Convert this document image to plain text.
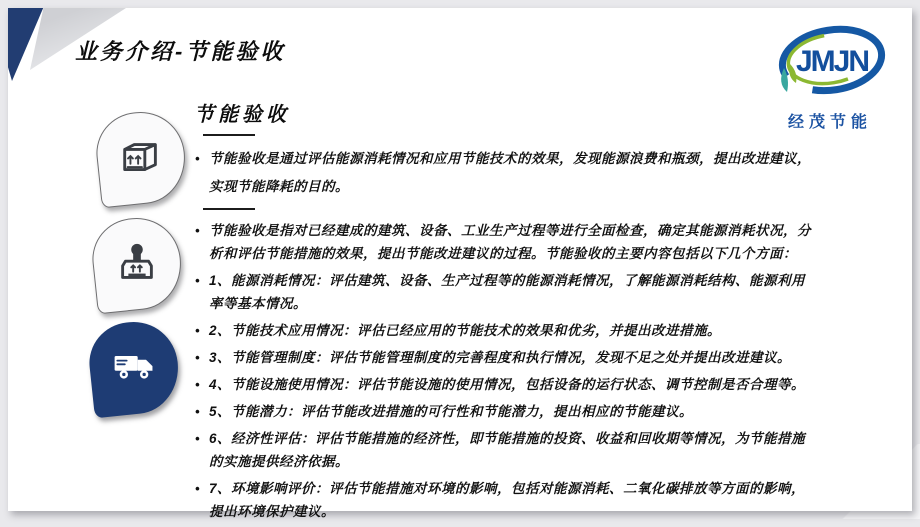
业务介绍-节能验收	JMJN
经茂节能
节能验收
• 节能验收是通过评估能源消耗情况和应用节能技术的效果，发现能源浪费和瓶颈，提出改进建议，实现节能降耗的目的。
• 节能验收是指对已经建成的建筑、设备、工业生产过程等进行全面检查，确定其能源消耗状况，分析和评估节能措施的效果，提出节能改进建议的过程。节能验收的主要内容包括以下几个方面：
• 1、能源消耗情况：评估建筑、设备、生产过程等的能源消耗情况，了解能源消耗结构、能源利用率等基本情况。
• 2、节能技术应用情况：评估已经应用的节能技术的效果和优劣，并提出改进措施。
• 3、节能管理制度：评估节能管理制度的完善程度和执行情况，发现不足之处并提出改进建议。
• 4、节能设施使用情况：评估节能设施的使用情况，包括设备的运行状态、调节控制是否合理等。
• 5、节能潜力：评估节能改进措施的可行性和节能潜力，提出相应的节能建议。
• 6、经济性评估：评估节能措施的经济性，即节能措施的投资、收益和回收期等情况，为节能措施的实施提供经济依据。
• 7、环境影响评价：评估节能措施对环境的影响，包括对能源消耗、二氧化碳排放等方面的影响，提出环境保护建议。
